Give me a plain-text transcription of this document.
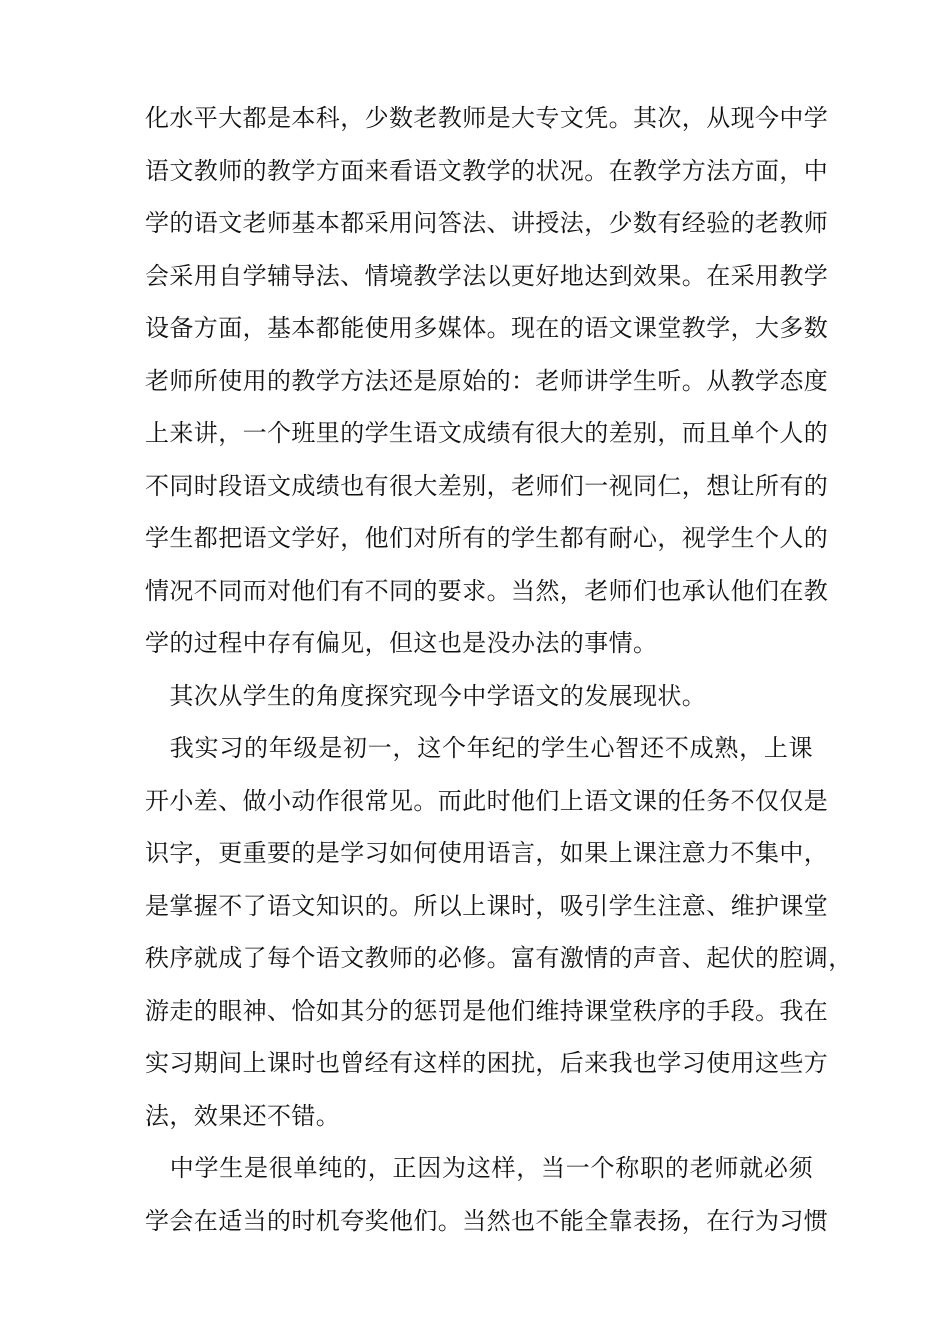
化水平大都是本科，少数老教师是大专文凭。其次，从现今中学
语文教师的教学方面来看语文教学的状况。在教学方法方面，中
学的语文老师基本都采用问答法、讲授法，少数有经验的老教师
会采用自学辅导法、情境教学法以更好地达到效果。在采用教学
设备方面，基本都能使用多媒体。现在的语文课堂教学，大多数
老师所使用的教学方法还是原始的：老师讲学生听。从教学态度
上来讲，一个班里的学生语文成绩有很大的差别，而且单个人的
不同时段语文成绩也有很大差别，老师们一视同仁，想让所有的
学生都把语文学好，他们对所有的学生都有耐心，视学生个人的
情况不同而对他们有不同的要求。当然，老师们也承认他们在教
学的过程中存有偏见，但这也是没办法的事情。
　其次从学生的角度探究现今中学语文的发展现状。
　我实习的年级是初一，这个年纪的学生心智还不成熟，上课
开小差、做小动作很常见。而此时他们上语文课的任务不仅仅是
识字，更重要的是学习如何使用语言，如果上课注意力不集中，
是掌握不了语文知识的。所以上课时，吸引学生注意、维护课堂
秩序就成了每个语文教师的必修。富有激情的声音、起伏的腔调，
游走的眼神、恰如其分的惩罚是他们维持课堂秩序的手段。我在
实习期间上课时也曾经有这样的困扰，后来我也学习使用这些方
法，效果还不错。
　中学生是很单纯的，正因为这样，当一个称职的老师就必须
学会在适当的时机夸奖他们。当然也不能全靠表扬，在行为习惯
